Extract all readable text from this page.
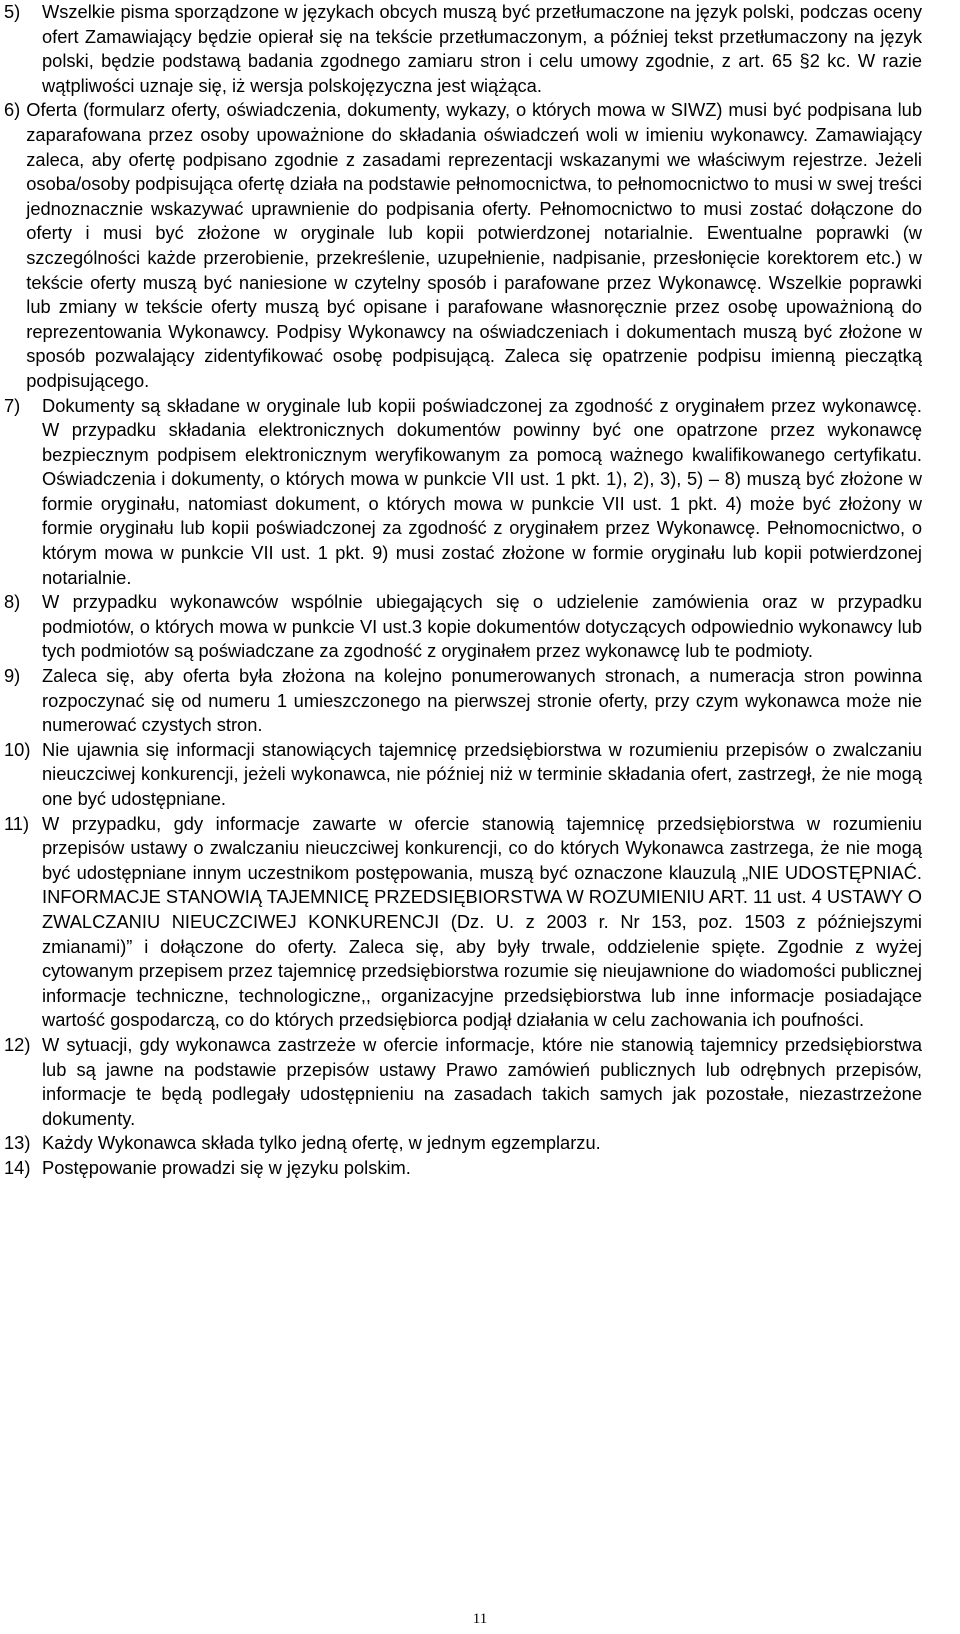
5)	Wszelkie pisma sporządzone w językach obcych muszą być przetłumaczone na język polski, podczas oceny ofert Zamawiający będzie opierał się na tekście przetłumaczonym, a później tekst przetłumaczony na język polski, będzie podstawą badania zgodnego zamiaru stron i celu umowy zgodnie, z art. 65 §2 kc. W razie wątpliwości uznaje się, iż wersja polskojęzyczna jest wiążąca.
6) Oferta (formularz oferty, oświadczenia, dokumenty, wykazy, o których mowa w SIWZ) musi być podpisana lub zaparafowana przez osoby upoważnione do składania oświadczeń woli w imieniu wykonawcy. Zamawiający zaleca, aby ofertę podpisano zgodnie z zasadami reprezentacji wskazanymi we właściwym rejestrze. Jeżeli osoba/osoby podpisująca ofertę działa na podstawie pełnomocnictwa, to pełnomocnictwo to musi w swej treści jednoznacznie wskazywać uprawnienie do podpisania oferty. Pełnomocnictwo to musi zostać dołączone do oferty i musi być złożone w oryginale lub kopii potwierdzonej notarialnie. Ewentualne poprawki (w szczególności każde przerobienie, przekreślenie, uzupełnienie, nadpisanie, przesłonięcie korektorem etc.) w tekście oferty muszą być naniesione w czytelny sposób i parafowane przez Wykonawcę. Wszelkie poprawki lub zmiany w tekście oferty muszą być opisane i parafowane własnoręcznie przez osobę upoważnioną do reprezentowania Wykonawcy. Podpisy Wykonawcy na oświadczeniach i dokumentach muszą być złożone w sposób pozwalający zidentyfikować osobę podpisującą. Zaleca się opatrzenie podpisu imienną pieczątką podpisującego.
7)	Dokumenty są składane w oryginale lub kopii poświadczonej za zgodność z oryginałem przez wykonawcę. W przypadku składania elektronicznych dokumentów powinny być one opatrzone przez wykonawcę bezpiecznym podpisem elektronicznym weryfikowanym za pomocą ważnego kwalifikowanego certyfikatu. Oświadczenia i dokumenty, o których mowa w punkcie VII ust. 1 pkt. 1), 2), 3), 5) – 8) muszą być złożone w formie oryginału, natomiast dokument, o których mowa w punkcie VII ust. 1 pkt. 4) może być złożony w formie oryginału lub kopii poświadczonej za zgodność z oryginałem przez Wykonawcę. Pełnomocnictwo, o którym mowa w punkcie VII ust. 1 pkt. 9) musi zostać złożone w formie oryginału lub kopii potwierdzonej notarialnie.
8)	W przypadku wykonawców wspólnie ubiegających się o udzielenie zamówienia oraz w przypadku podmiotów, o których mowa w punkcie VI ust.3 kopie dokumentów dotyczących odpowiednio wykonawcy lub tych podmiotów są poświadczane za zgodność z oryginałem przez wykonawcę lub te podmioty.
9)	Zaleca się, aby oferta była złożona na kolejno ponumerowanych stronach, a numeracja stron powinna rozpoczynać się od numeru 1 umieszczonego na pierwszej stronie oferty, przy czym wykonawca może nie numerować czystych stron.
10) Nie ujawnia się informacji stanowiących tajemnicę przedsiębiorstwa w rozumieniu przepisów o zwalczaniu nieuczciwej konkurencji, jeżeli wykonawca, nie później niż w terminie składania ofert, zastrzegł, że nie mogą one być udostępniane.
11) W przypadku, gdy informacje zawarte w ofercie stanowią tajemnicę przedsiębiorstwa w rozumieniu przepisów ustawy o zwalczaniu nieuczciwej konkurencji, co do których Wykonawca zastrzega, że nie mogą być udostępniane innym uczestnikom postępowania, muszą być oznaczone klauzulą „NIE UDOSTĘPNIAĆ. INFORMACJE STANOWIĄ TAJEMNICĘ PRZEDSIĘBIORSTWA W ROZUMIENIU ART. 11 ust. 4 USTAWY O ZWALCZANIU NIEUCZCIWEJ KONKURENCJI (Dz. U. z 2003 r. Nr 153, poz. 1503 z późniejszymi zmianami)” i dołączone do oferty. Zaleca się, aby były trwale, oddzielenie spięte. Zgodnie z wyżej cytowanym przepisem przez tajemnicę przedsiębiorstwa rozumie się nieujawnione do wiadomości publicznej informacje techniczne, technologiczne,, organizacyjne przedsiębiorstwa lub inne informacje posiadające wartość gospodarczą, co do których przedsiębiorca podjął działania w celu zachowania ich poufności.
12) W sytuacji, gdy wykonawca zastrzeże w ofercie informacje, które nie stanowią tajemnicy przedsiębiorstwa lub są jawne na podstawie przepisów ustawy Prawo zamówień publicznych lub odrębnych przepisów, informacje te będą podlegały udostępnieniu na zasadach takich samych jak pozostałe, niezastrzeżone dokumenty.
13) Każdy Wykonawca składa tylko jedną ofertę, w jednym egzemplarzu.
14) Postępowanie prowadzi się w języku polskim.
11
